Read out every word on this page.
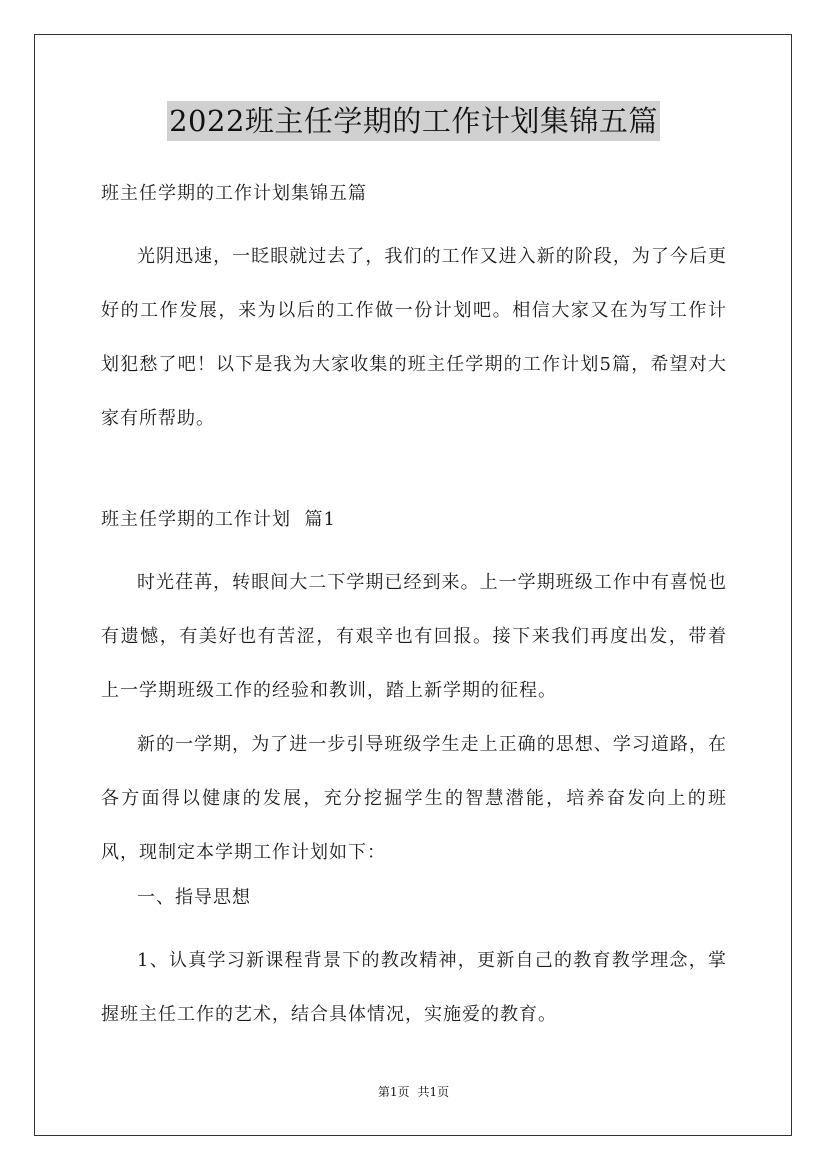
2022班主任学期的工作计划集锦五篇

班主任学期的工作计划集锦五篇

光阴迅速，一眨眼就过去了，我们的工作又进入新的阶段，为了今后更好的工作发展，来为以后的工作做一份计划吧。相信大家又在为写工作计划犯愁了吧！以下是我为大家收集的班主任学期的工作计划5篇，希望对大家有所帮助。

班主任学期的工作计划  篇1

时光荏苒，转眼间大二下学期已经到来。上一学期班级工作中有喜悦也有遗憾，有美好也有苦涩，有艰辛也有回报。接下来我们再度出发，带着上一学期班级工作的经验和教训，踏上新学期的征程。

新的一学期，为了进一步引导班级学生走上正确的思想、学习道路，在各方面得以健康的发展，充分挖掘学生的智慧潜能，培养奋发向上的班风，现制定本学期工作计划如下：

一、指导思想

1、认真学习新课程背景下的教改精神，更新自己的教育教学理念，掌握班主任工作的艺术，结合具体情况，实施爱的教育。

第1页 共1页
